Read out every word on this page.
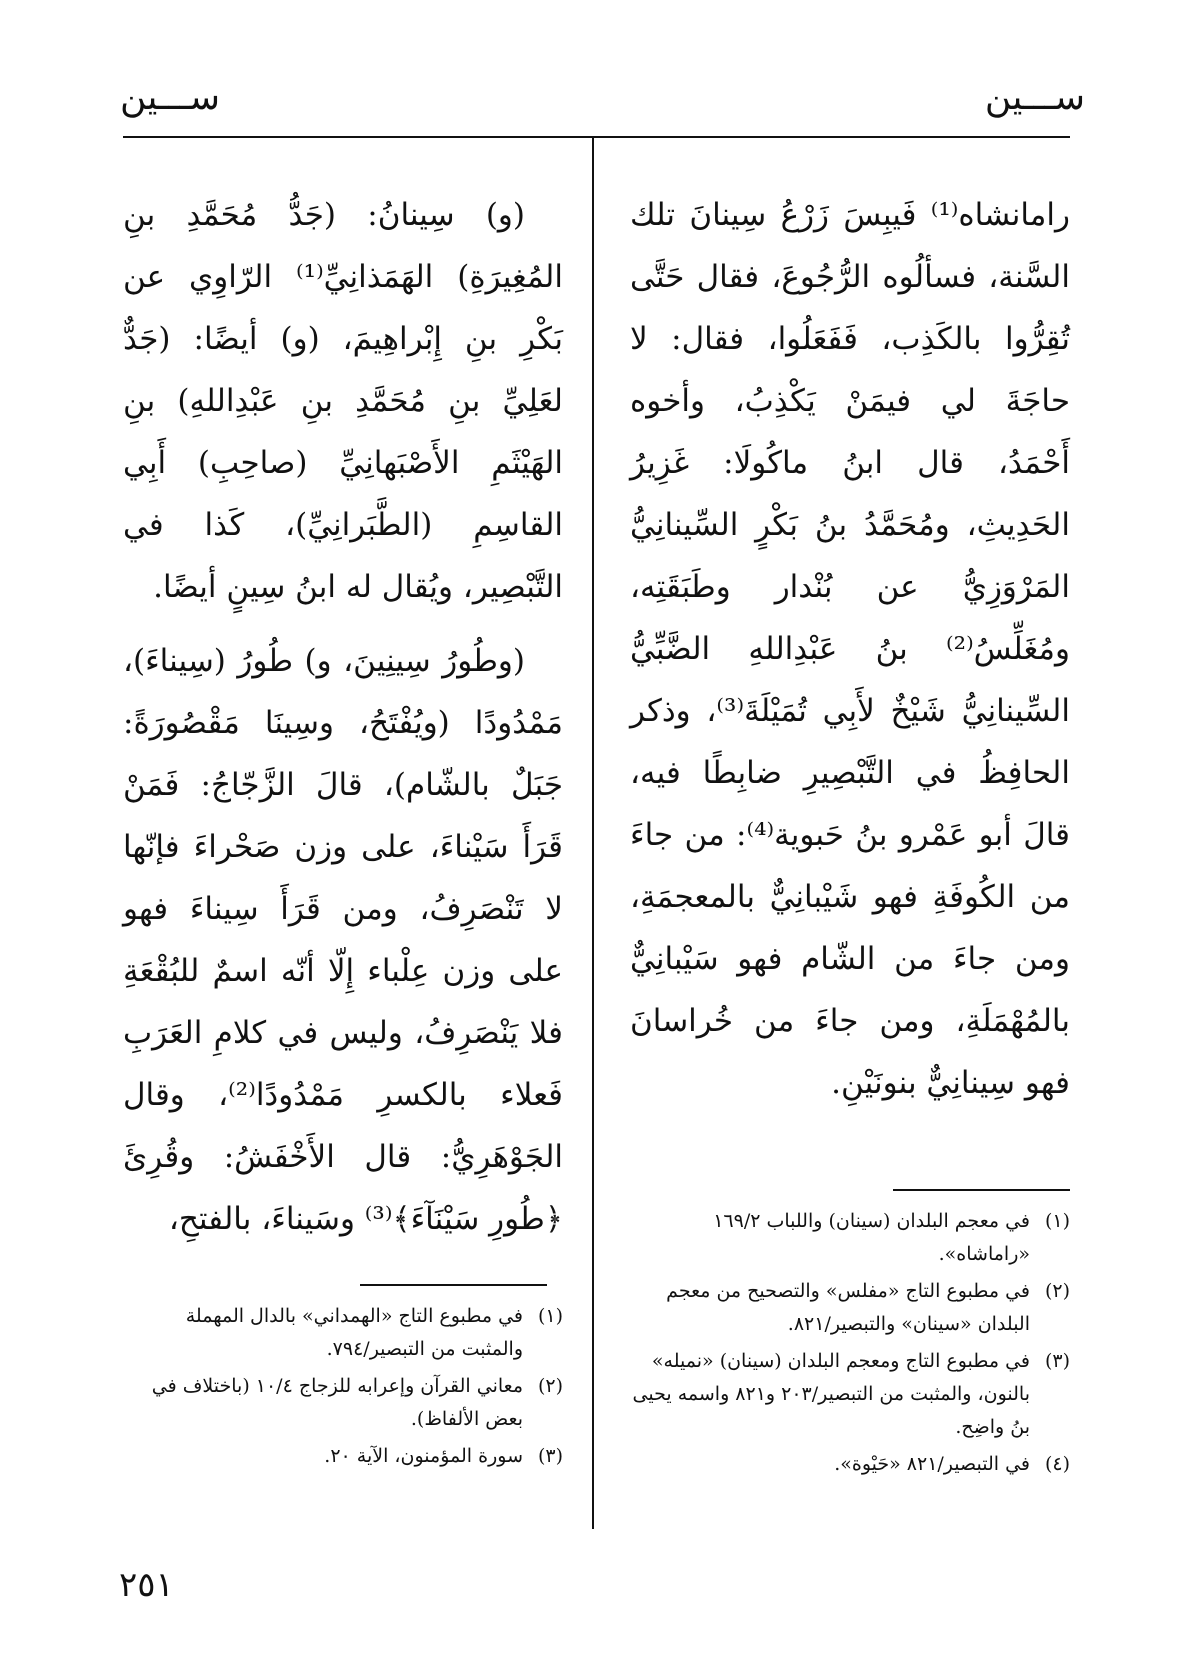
ســـين
ســـين

رامانشاه⁽¹⁾ فَيبِسَ زَرْعُ سِينانَ تلك السَّنة، فسألُوه الرُّجُوعَ، فقال حَتَّى تُقِرُّوا بالكَذِب، فَفَعَلُوا، فقال: لا حاجَةَ لي فيمَنْ يَكْذِبُ، وأخوه أَحْمَدُ، قال ابنُ ماكُولَا: غَزِيرُ الحَدِيثِ، ومُحَمَّدُ بنُ بَكْرٍ السِّينانِيُّ المَرْوَزِيُّ عن بُنْدار وطَبَقَتِه، ومُغَلِّسُ⁽²⁾ بنُ عَبْدِاللهِ الضَّبِّيُّ السِّينانِيُّ شَيْخٌ لأَبِي تُمَيْلَةَ⁽³⁾، وذكر الحافِظُ في التَّبْصِيرِ ضابِطًا فيه، قالَ أبو عَمْرو بنُ حَبوية⁽⁴⁾: من جاءَ من الكُوفَةِ فهو شَيْبانِيٌّ بالمعجمَةِ، ومن جاءَ من الشّام فهو سَيْبانِيٌّ بالمُهْمَلَةِ، ومن جاءَ من خُراسانَ فهو سِينانِيٌّ بنونَيْنِ.

(و) سِينانُ: (جَدُّ مُحَمَّدِ بنِ المُغِيرَةِ) الهَمَذانِيِّ⁽¹⁾ الرّاوِي عن بَكْرِ بنِ إِبْراهِيمَ، (و) أيضًا: (جَدٌّ لعَلِيِّ بنِ مُحَمَّدِ بنِ عَبْدِاللهِ) بنِ الهَيْثَمِ الأَصْبَهانِيِّ (صاحِبِ) أَبِي القاسِمِ (الطَّبَرانِيِّ)، كَذا في التَّبْصِير، ويُقال له ابنُ سِينٍ أيضًا.

(وطُورُ سِينِينَ، و) طُورُ (سِيناءَ)، مَمْدُودًا (ويُفْتَحُ، وسِينَا مَقْصُورَةً: جَبَلٌ بالشّام)، قالَ الزَّجّاجُ: فَمَنْ قَرَأَ سَيْناءَ، على وزن صَحْراءَ فإنّها لا تَنْصَرِفُ، ومن قَرَأَ سِيناءَ فهو على وزن عِلْباء إِلّا أنّه اسمٌ للبُقْعَةِ فلا يَنْصَرِفُ، وليس في كلامِ العَرَبِ فَعلاء بالكسرِ مَمْدُودًا⁽²⁾، وقال الجَوْهَرِيُّ: قال الأَخْفَشُ: وقُرِئَ ﴿طُورِ سَيْنَآءَ﴾⁽³⁾ وسَيناءَ، بالفتحِ،	(١)
في معجم البلدان (سينان) واللباب ١٦٩/٢ «راماشاه».
(٢)
في مطبوع التاج «مفلس» والتصحيح من معجم البلدان «سينان» والتبصير/٨٢١.
(٣)
في مطبوع التاج ومعجم البلدان (سينان) «نميله» بالنون، والمثبت من التبصير/٢٠٣ و٨٢١ واسمه يحيى بنُ واضِح.
(٤)
في التبصير/٨٢١ «حَيْوة».
(١)
في مطبوع التاج «الهمداني» بالدال المهملة والمثبت من التبصير/٧٩٤.
(٢)
معاني القرآن وإعرابه للزجاج ١٠/٤ (باختلاف في بعض الألفاظ).
(٣)
سورة المؤمنون، الآية ٢٠.
٢٥١
